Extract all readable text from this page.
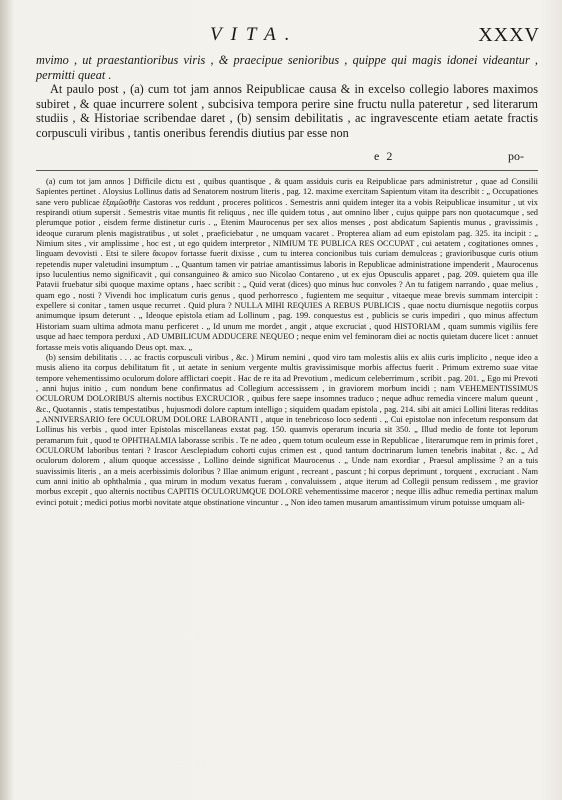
VITA.	XXXV

mvimo , ut praestantioribus viris , & praecipue senioribus , quippe qui magis idonei videantur , permitti queat .

At paulo post , (a) cum tot jam annos Reipublicae causa & in excelso collegio labores maximos subiret , & quae incurrere solent , subcisiva tempora perire sine fructu nulla pateretur , sed literarum studiis , & Historiae scribendae daret , (b) sensim debilitatis , ac ingravescente etiam aetate fractis corpusculi viribus , tantis oneribus ferendis diutius par esse non

e 2	po-

(a) cum tot jam annos ] Difficile dictu est , quibus quantisque , & quam assiduis curis ea Reipublicae pars administretur , quae ad Consilii Sapientes pertinet . Aloysius Lollinus datis ad Senatorem nostrum literis , pag. 12. maxime exercitam Sapientum vitam ita describit : „ Occupationes sane vero publicae ἐξαμῶσθῆε Castoras vos reddunt , proceres politicos . Semestris anni quidem integer ita a vobis Reipublicae insumitur , ut vix respirandi otium supersit . Semestris vitae muntis fit reliquus , nec ille quidem totus , aut omnino liber , cujus quippe pars non quotacumque , sed plerumque potior , eisdem ferme distinetur curis . „ Etenim Maurocenus per sex alios menses , post abdicatum Sapientis munus , gravissimis , ideoque curarum plenis magistratibus , ut solet , praeficiebatur , ne umquam vacaret . Propterea aliam ad eum epistolam pag. 325. ita incipit : „ Nimium sites , vir amplissime , hoc est , ut ego quidem interpretor , NIMIUM TE PUBLICA RES OCCUPAT , cui aetatem , cogitationes omnes , linguam devovisti . Etsi te silere ἄκυρον fortasse fuerit dixisse , cum tu interea concionibus tuis curiam demulceas ; gravioribusque curis otium repetendis nuper valetudini insumptum . „ Quantum tamen vir patriae amantissimus laboris in Republicae administratione impenderit , Maurocenus ipso luculentius nemo significavit , qui consanguineo & amico suo Nicolao Contareno , ut ex ejus Opusculis apparet , pag. 209. quietem qua ille Patavii fruebatur sibi quoque maxime optans , haec scribit : „ Quid verat (dices) quo minus huc convoles ? An tu fatigem narrando , quae melius , quam ego , nosti ? Vivendi hoc implicatum curis genus , quod perhorresco , fugientem me sequitur , vitaeque meae brevis summam intercipit : expellere si conitar , tamen usque recurret . Quid plura ? NULLA MIHI REQUIES A REBUS PUBLICIS , quae noctu diurnisque negotiis corpus animumque ipsum deterunt . „ Ideoque epistola etiam ad Lollinum , pag. 199. conquestus est , publicis se curis impediri , quo minus affectum Historiam suam ultima admota manu perficeret . „ Id unum me mordet , angit , atque excruciat , quod HISTORIAM , quam summis vigiliis fere usque ad haec tempora perduxi , AD UMBILICUM ADDUCERE NEQUEO ; neque enim vel feminoram diei ac noctis quietam ducere licet : annuet fortasse meis votis aliquando Deus opt. max. „

(b) sensim debilitatis . . . ac fractis corpusculi viribus , &c. ) Mirum nemini , quod viro tam molestis aliis ex aliis curis implicito , neque ideo a musis alieno ita corpus debilitatum fit , ut aetate in senium vergente multis gravissimisque morbis affectus fuerit . Primum extremo suae vitae tempore vehementissimo oculorum dolore afflictari coepit . Hac de re ita ad Prevotium , medicum celeberrimum , scribit . pag. 201. „ Ego mi Prevoti , anni hujus initio , cum nondum bene confirmatus ad Collegium accessissem , in graviorem morbum incidi ; nam VEHEMENTISSIMUS OCULORUM DOLORIBUS alternis noctibus EXCRUCIOR , quibus fere saepe insomnes traduco ; neque adhuc remedia vincere malum queunt , &c., Quotannis , statis tempestatibus , hujusmodi dolore captum intelligo ; siquidem quadam epistola , pag. 214. sibi ait amici Lollini literas redditas „ ANNIVERSARIO fere OCULORUM DOLORE LABORANTI , atque in tenebricoso loco sedenti . „ Cui epistolae non infecetum responsum dat Lollinus his verbis , quod inter Epistolas miscellaneas exstat pag. 150. quamvis operarum incuria sit 350. „ Illud medio de fonte tot leporum peramarum fuit , quod te OPHTHALMIA laborasse scribis . Te ne adeo , quem totum oculeum esse in Republicae , literarumque rem in primis foret , OCULORUM laboribus tentari ? Irascor Aesclepiadum cohorti cujus crimen est , quod tantum doctrinarum lumen tenebris inabitat , &c. „ Ad oculorum dolorem , alium quoque accessisse , Lollino deinde significat Maurocenus . „ Unde nam exordiar , Praesul amplissime ? an a tuis suavissimis literis , an a meis acerbissimis doloribus ? Illae animum erigunt , recreant , pascunt ; hi corpus deprimunt , torquent , excruciant . Nam cum anni initio ab ophthalmia , qua mirum in modum vexatus fueram , convaluissem , atque iterum ad Collegii pensum redissem , me gravior morbus excepit , quo alternis noctibus CAPITIS OCULORUMQUE DOLORE vehementissime maceror ; neque illis adhuc remedia pertinax malum evinci potuit ; medici potius morbi novitate atque obstinatione vincuntur . „ Non ideo tamen musarum amantissimum virum potuisse umquam ali-
